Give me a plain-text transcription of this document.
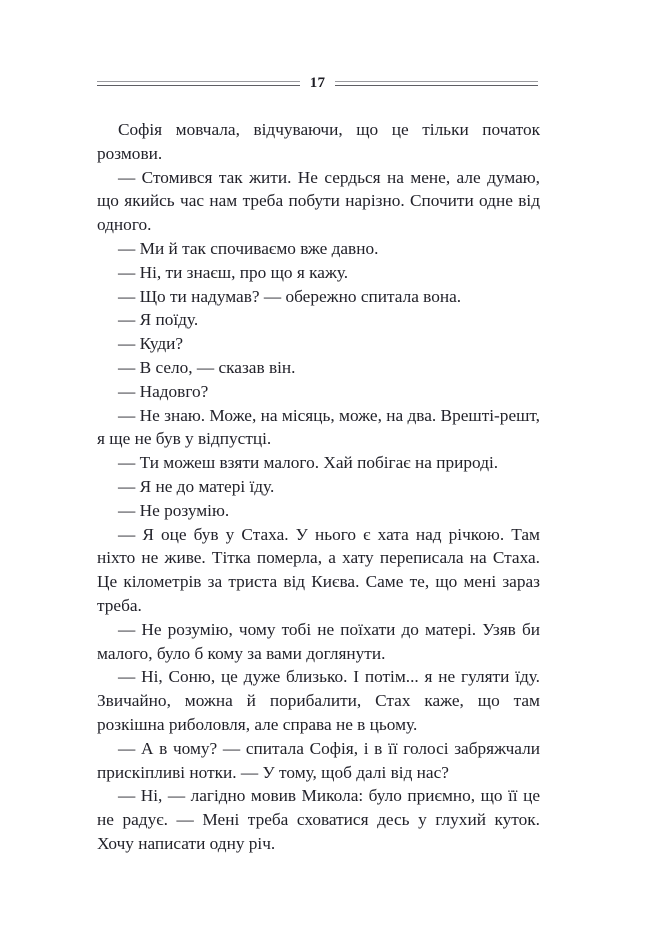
17

Софія мовчала, відчуваючи, що це тільки початок розмови.

— Стомився так жити. Не сердься на мене, але думаю, що якийсь час нам треба побути нарізно. Спочити одне від одного.

— Ми й так спочиваємо вже давно.

— Ні, ти знаєш, про що я кажу.

— Що ти надумав? — обережно спитала вона.

— Я поїду.

— Куди?

— В село, — сказав він.

— Надовго?

— Не знаю. Може, на місяць, може, на два. Врешті-решт, я ще не був у відпустці.

— Ти можеш взяти малого. Хай побігає на природі.

— Я не до матері їду.

— Не розумію.

— Я оце був у Стаха. У нього є хата над річкою. Там ніхто не живе. Тітка померла, а хату переписала на Стаха. Це кілометрів за триста від Києва. Саме те, що мені зараз треба.

— Не розумію, чому тобі не поїхати до матері. Узяв би малого, було б кому за вами доглянути.

— Ні, Соню, це дуже близько. І потім... я не гуляти їду. Звичайно, можна й порибалити, Стах каже, що там розкішна риболовля, але справа не в цьому.

— А в чому? — спитала Софія, і в її голосі забряжчали прискіпливі нотки. — У тому, щоб далі від нас?

— Ні, — лагідно мовив Микола: було приємно, що її це не радує. — Мені треба сховатися десь у глухий куток. Хочу написати одну річ.
